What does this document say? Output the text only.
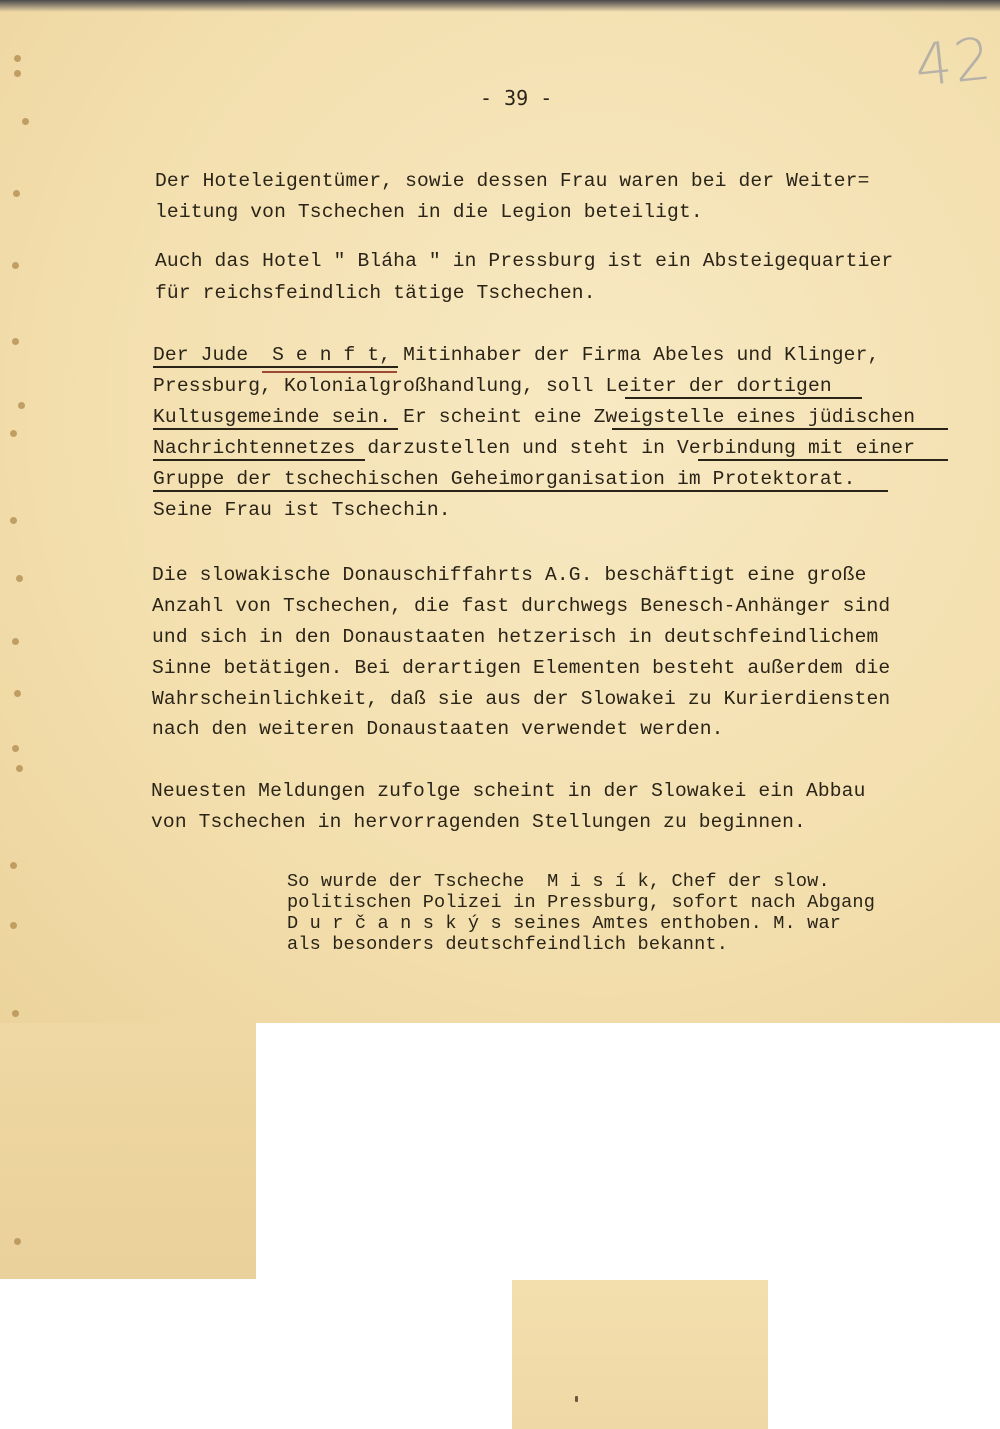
42
- 39 -
Der Hoteleigentümer, sowie dessen Frau waren bei der Weiter=
leitung von Tschechen in die Legion beteiligt.
Auch das Hotel " Bláha " in Pressburg ist ein Absteigequartier
für reichsfeindlich tätige Tschechen.
Der Jude  S e n f t, Mitinhaber der Firma Abeles und Klinger,
Pressburg, Kolonialgroßhandlung, soll Leiter der dortigen
Kultusgemeinde sein. Er scheint eine Zweigstelle eines jüdischen
Nachrichtennetzes darzustellen und steht in Verbindung mit einer
Gruppe der tschechischen Geheimorganisation im Protektorat.
Seine Frau ist Tschechin.
Die slowakische Donauschiffahrts A.G. beschäftigt eine große
Anzahl von Tschechen, die fast durchwegs Benesch-Anhänger sind
und sich in den Donaustaaten hetzerisch in deutschfeindlichem
Sinne betätigen. Bei derartigen Elementen besteht außerdem die
Wahrscheinlichkeit, daß sie aus der Slowakei zu Kurierdiensten
nach den weiteren Donaustaaten verwendet werden.
Neuesten Meldungen zufolge scheint in der Slowakei ein Abbau
von Tschechen in hervorragenden Stellungen zu beginnen.
So wurde der Tscheche  M i s í k, Chef der slow.
politischen Polizei in Pressburg, sofort nach Abgang
D u r č a n s k ý s seines Amtes enthoben. M. war
als besonders deutschfeindlich bekannt.
